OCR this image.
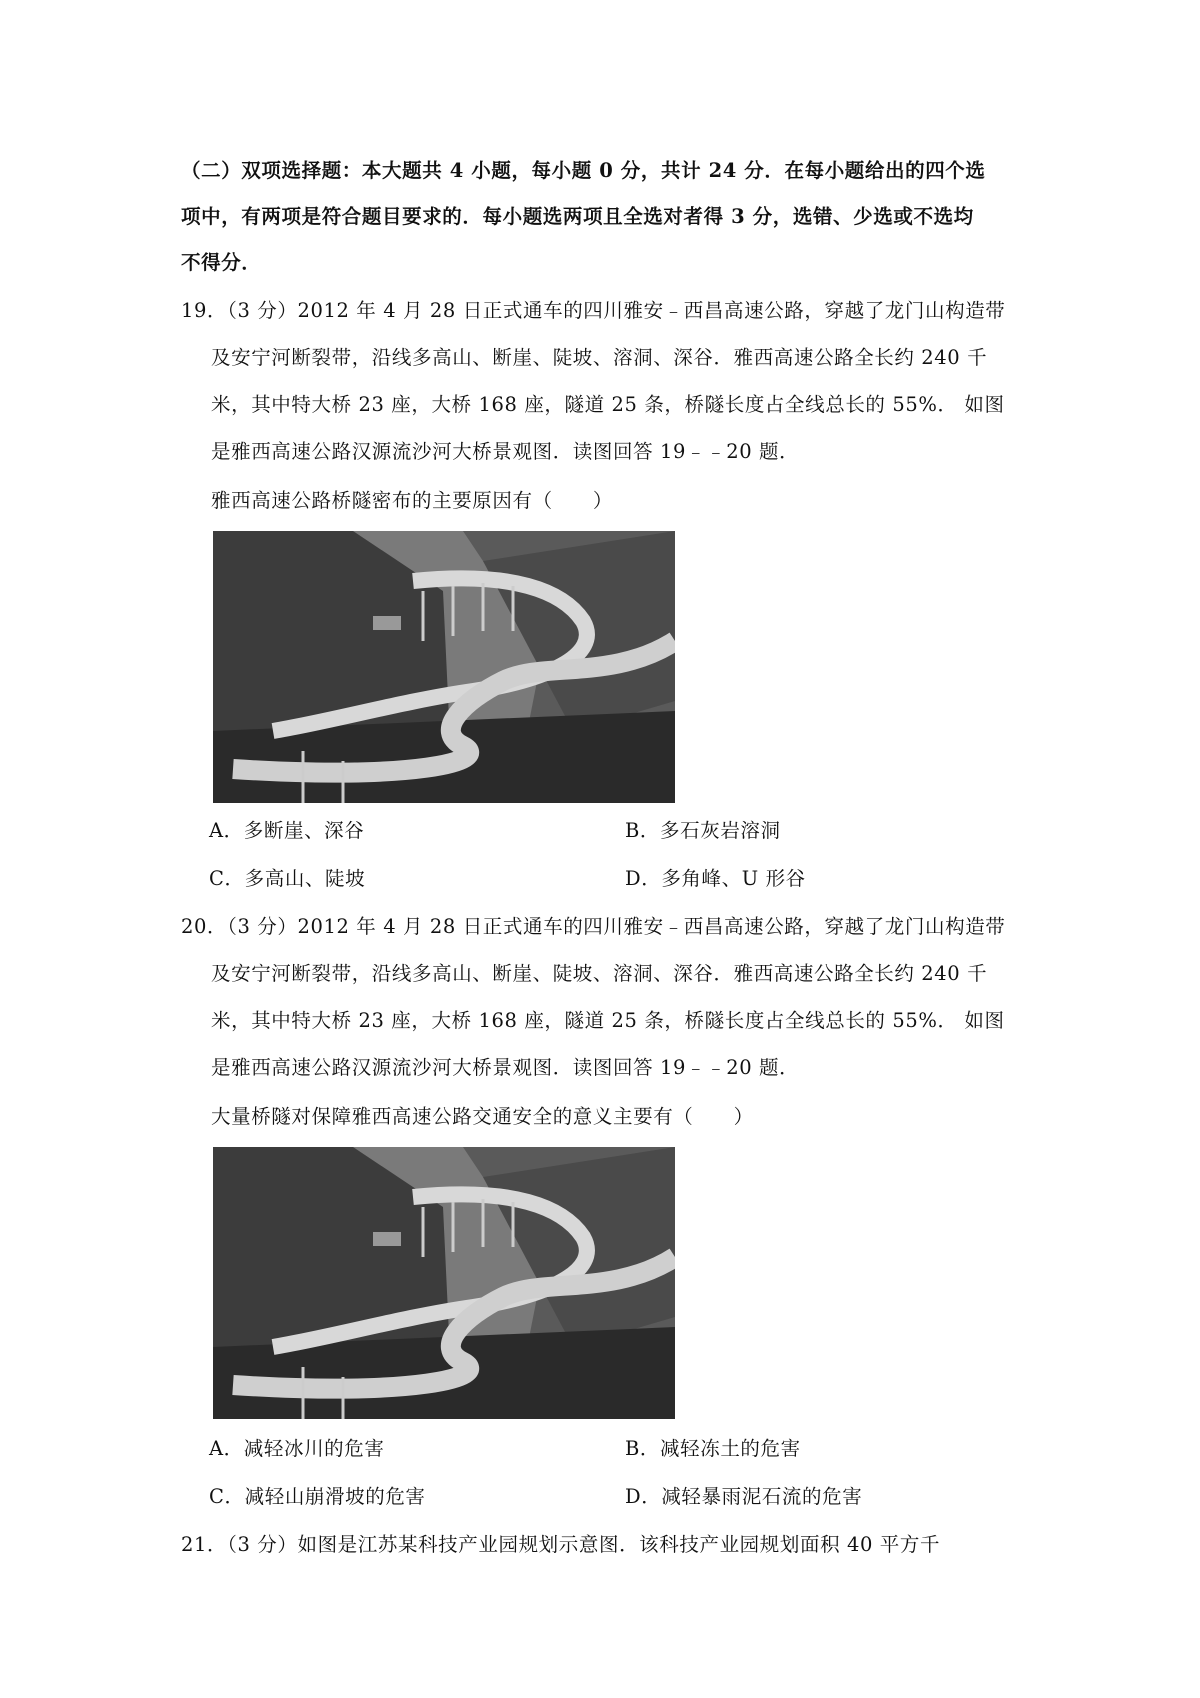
（二）双项选择题：本大题共 4 小题，每小题 0 分，共计 24 分．在每小题给出的四个选
项中，有两项是符合题目要求的．每小题选两项且全选对者得 3 分，选错、少选或不选均
不得分．
19．（3 分）2012 年 4 月 28 日正式通车的四川雅安﹣西昌高速公路，穿越了龙门山构造带
及安宁河断裂带，沿线多高山、断崖、陡坡、溶洞、深谷．雅西高速公路全长约 240 千
米，其中特大桥 23 座，大桥 168 座，隧道 25 条，桥隧长度占全线总长的 55%． 如图
是雅西高速公路汉源流沙河大桥景观图．读图回答 19﹣﹣20 题．
雅西高速公路桥隧密布的主要原因有（　　）
A．多断崖、深谷	B．多石灰岩溶洞
C．多高山、陡坡	D．多角峰、U 形谷
20．（3 分）2012 年 4 月 28 日正式通车的四川雅安﹣西昌高速公路，穿越了龙门山构造带
及安宁河断裂带，沿线多高山、断崖、陡坡、溶洞、深谷．雅西高速公路全长约 240 千
米，其中特大桥 23 座，大桥 168 座，隧道 25 条，桥隧长度占全线总长的 55%． 如图
是雅西高速公路汉源流沙河大桥景观图．读图回答 19﹣﹣20 题．
大量桥隧对保障雅西高速公路交通安全的意义主要有（　　）
A．减轻冰川的危害	B．减轻冻土的危害
C．减轻山崩滑坡的危害	D．减轻暴雨泥石流的危害
21．（3 分）如图是江苏某科技产业园规划示意图．该科技产业园规划面积 40 平方千
